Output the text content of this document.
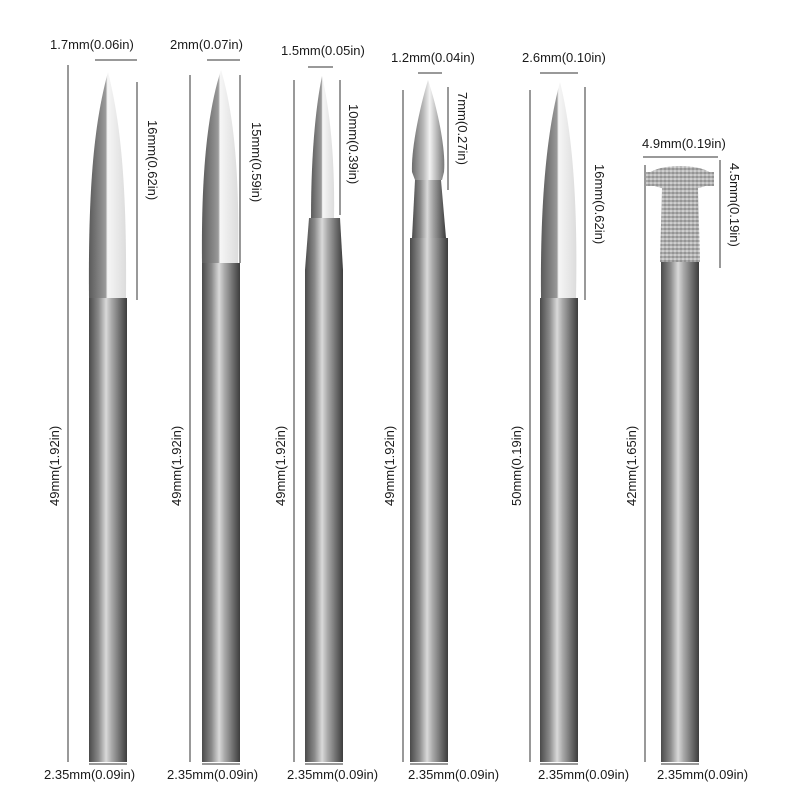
1.7mm(0.06in)	2mm(0.07in)	1.5mm(0.05in) 1.2mm(0.04in)	2.6mm(0.10in)
4.9mm(0.19in)
16mm(0.62in)	15mm(0.59in)	10mm(0.39in)	7mm(0.27in)
16mm(0.62in)	4.5mm(0.19in)
49mm(1.92in)	49mm(1.92in)	49mm(1.92in)	49mm(1.92in)	50mm(0.19in)	42mm(1.65in)
2.35mm(0.09in) 2.35mm(0.09in) 2.35mm(0.09in) 2.35mm(0.09in)	2.35mm(0.09in) 2.35mm(0.09in)
